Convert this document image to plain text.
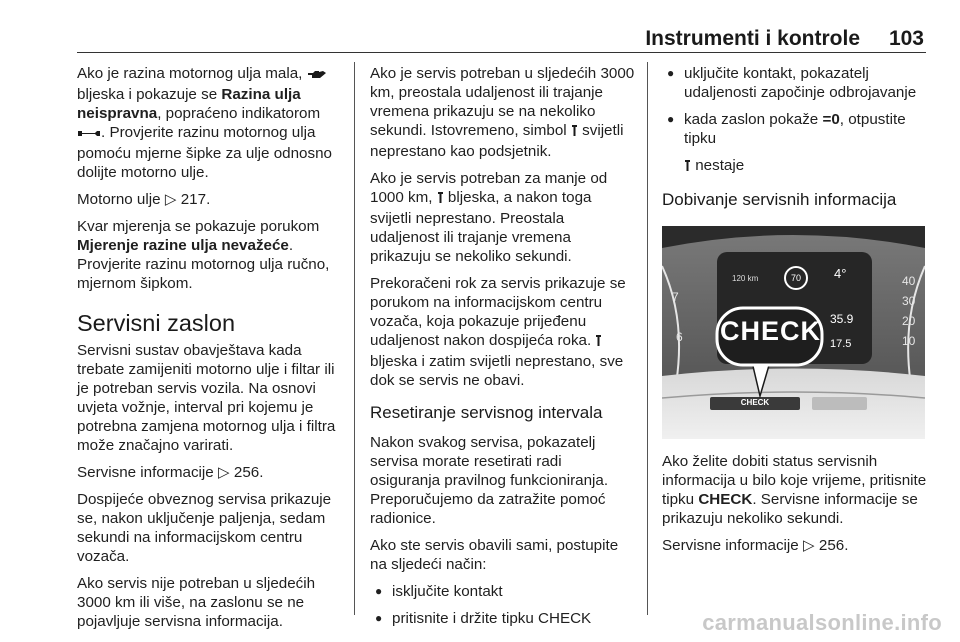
Instrumenti i kontrole 103

Ako je razina motornog ulja mala,  bljeska i pokazuje se Razina ulja neispravna, popraćeno indikatorom . Provjerite razinu motornog ulja pomoću mjerne šipke za ulje odnosno dolijte motorno ulje.

Motorno ulje ▷ 217.

Kvar mjerenja se pokazuje porukom Mjerenje razine ulja nevažeće. Provjerite razinu motornog ulja ručno, mjernom šipkom.

Servisni zaslon

Servisni sustav obavještava kada trebate zamijeniti motorno ulje i filtar ili je potreban servis vozila. Na osnovi uvjeta vožnje, interval pri kojemu je potrebna zamjena motornog ulja i filtra može značajno varirati.

Servisne informacije ▷ 256.

Dospijeće obveznog servisa prikazuje se, nakon uključenje paljenja, sedam sekundi na informacijskom centru vozača.

Ako servis nije potreban u sljedećih 3000 km ili više, na zaslonu se ne pojavljuje servisna informacija.

Ako je servis potreban u sljedećih 3000 km, preostala udaljenost ili trajanje vremena prikazuju se na nekoliko sekundi. Istovremeno, simbol  svijetli neprestano kao podsjetnik.

Ako je servis potreban za manje od 1000 km,  bljeska, a nakon toga svijetli neprestano. Preostala udaljenost ili trajanje vremena prikazuju se nekoliko sekundi.

Prekoračeni rok za servis prikazuje se porukom na informacijskom centru vozača, koja pokazuje prijeđenu udaljenost nakon dospijeća roka.  bljeska i zatim svijetli neprestano, sve dok se servis ne obavi.

Resetiranje servisnog intervala

Nakon svakog servisa, pokazatelj servisa morate resetirati radi osiguranja pravilnog funkcioniranja. Preporučujemo da zatražite pomoć radionice.

Ako ste servis obavili sami, postupite na sljedeći način:

● isključite kontakt
● pritisnite i držite tipku CHECK
● uključite kontakt, pokazatelj udaljenosti započinje odbrojavanje
● kada zaslon pokaže =0, otpustite tipku
nestaje
Dobivanje servisnih informacija
CHECK
CHECK
4°
70
120 km
35.9
17.5
7
6
40
30
20
10

Ako želite dobiti status servisnih informacija u bilo koje vrijeme, pritisnite tipku CHECK. Servisne informacije se prikazuju nekoliko sekundi.

Servisne informacije ▷ 256.

carmanualsonline.info
